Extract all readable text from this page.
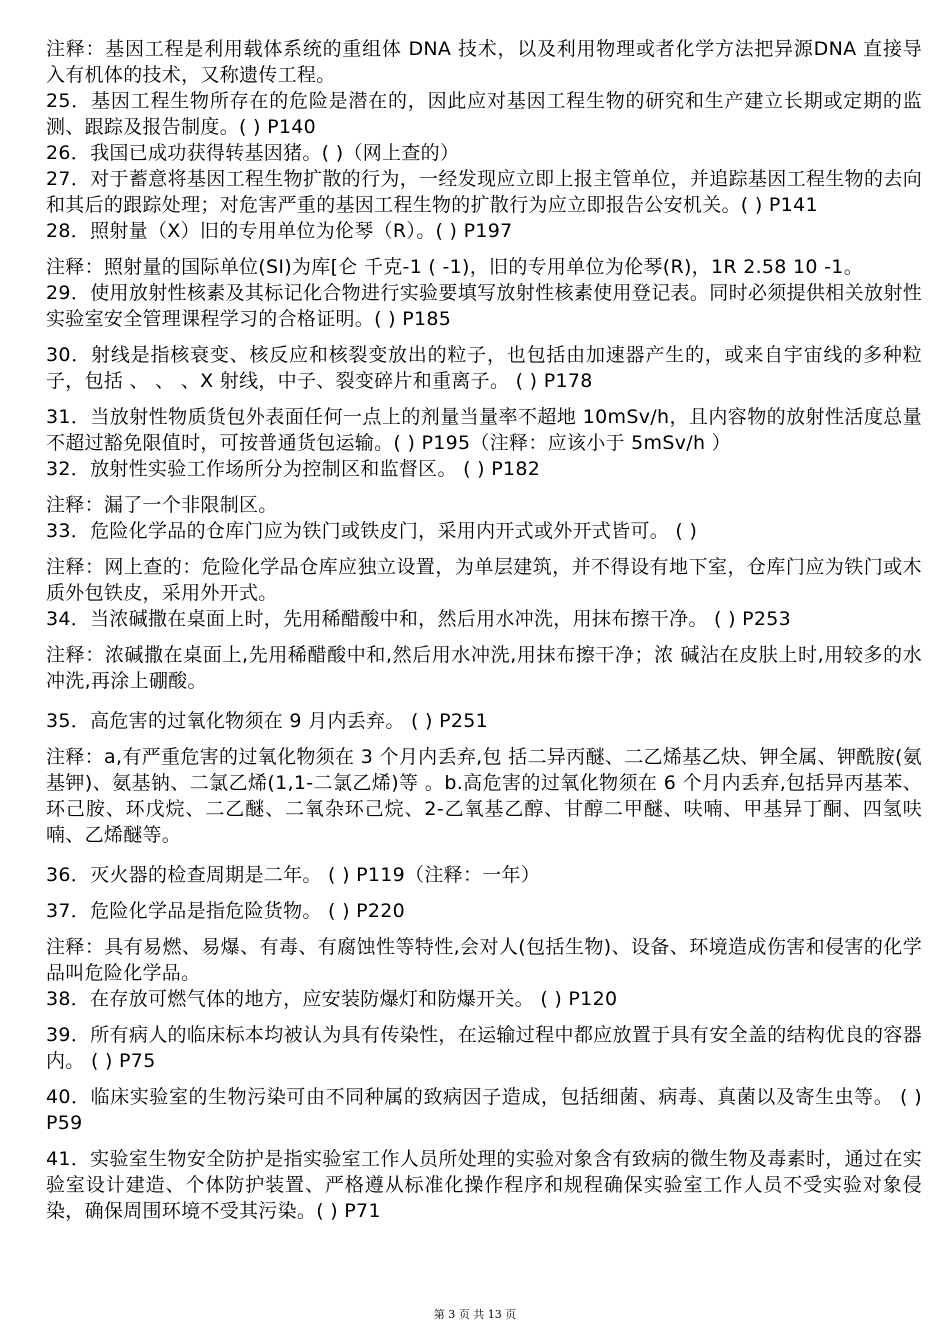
注释：基因工程是利用载体系统的重组体 DNA 技术，以及利用物理或者化学方法把异源DNA 直接导入有机体的技术，又称遗传工程。

25．基因工程生物所存在的危险是潜在的，因此应对基因工程生物的研究和生产建立长期或定期的监测、跟踪及报告制度。( ) P140

26．我国已成功获得转基因猪。( )（网上查的）

27．对于蓄意将基因工程生物扩散的行为，一经发现应立即上报主管单位，并追踪基因工程生物的去向和其后的跟踪处理；对危害严重的基因工程生物的扩散行为应立即报告公安机关。( ) P141

28．照射量（X）旧的专用单位为伦琴（R）。( ) P197

注释：照射量的国际单位(SI)为库[仑 千克-1 ( -1)，旧的专用单位为伦琴(R)，1R 2.58 10 -1。

29．使用放射性核素及其标记化合物进行实验要填写放射性核素使用登记表。同时必须提供相关放射性实验室安全管理课程学习的合格证明。( ) P185

30．射线是指核衰变、核反应和核裂变放出的粒子，也包括由加速器产生的，或来自宇宙线的多种粒子，包括 、 、 、X 射线，中子、裂变碎片和重离子。 ( ) P178

31．当放射性物质货包外表面任何一点上的剂量当量率不超地 10mSv/h，且内容物的放射性活度总量不超过豁免限值时，可按普通货包运输。( ) P195（注释：应该小于 5mSv/h ）

32．放射性实验工作场所分为控制区和监督区。 ( ) P182

注释：漏了一个非限制区。

33．危险化学品的仓库门应为铁门或铁皮门，采用内开式或外开式皆可。 ( )

注释：网上查的：危险化学品仓库应独立设置，为单层建筑，并不得设有地下室，仓库门应为铁门或木质外包铁皮，采用外开式。

34．当浓碱撒在桌面上时，先用稀醋酸中和，然后用水冲洗，用抹布擦干净。 ( ) P253

注释：浓碱撒在桌面上,先用稀醋酸中和,然后用水冲洗,用抹布擦干净；浓 碱沾在皮肤上时,用较多的水冲洗,再涂上硼酸。

35．高危害的过氧化物须在 9 月内丢弃。 ( ) P251

注释：a,有严重危害的过氧化物须在 3 个月内丢弃,包 括二异丙醚、二乙烯基乙炔、钾全属、钾酰胺(氨基钾)、氨基钠、二氯乙烯(1,1-二氯乙烯)等 。b.高危害的过氧化物须在 6 个月内丢弃,包括异丙基苯、环己胺、环戊烷、二乙醚、二氧杂环己烷、2-乙氧基乙醇、甘醇二甲醚、呋喃、甲基异丁酮、四氢呋喃、乙烯醚等。

36．灭火器的检查周期是二年。 ( ) P119（注释：一年）

37．危险化学品是指危险货物。 ( ) P220

注释：具有易燃、易爆、有毒、有腐蚀性等特性,会对人(包括生物)、设备、环境造成伤害和侵害的化学品叫危险化学品。

38．在存放可燃气体的地方，应安装防爆灯和防爆开关。 ( ) P120

39．所有病人的临床标本均被认为具有传染性，在运输过程中都应放置于具有安全盖的结构优良的容器内。 ( ) P75

40．临床实验室的生物污染可由不同种属的致病因子造成，包括细菌、病毒、真菌以及寄生虫等。 ( ) P59

41．实验室生物安全防护是指实验室工作人员所处理的实验对象含有致病的微生物及毒素时，通过在实验室设计建造、个体防护装置、严格遵从标准化操作程序和规程确保实验室工作人员不受实验对象侵染，确保周围环境不受其污染。( ) P71

第 3 页 共 13 页
